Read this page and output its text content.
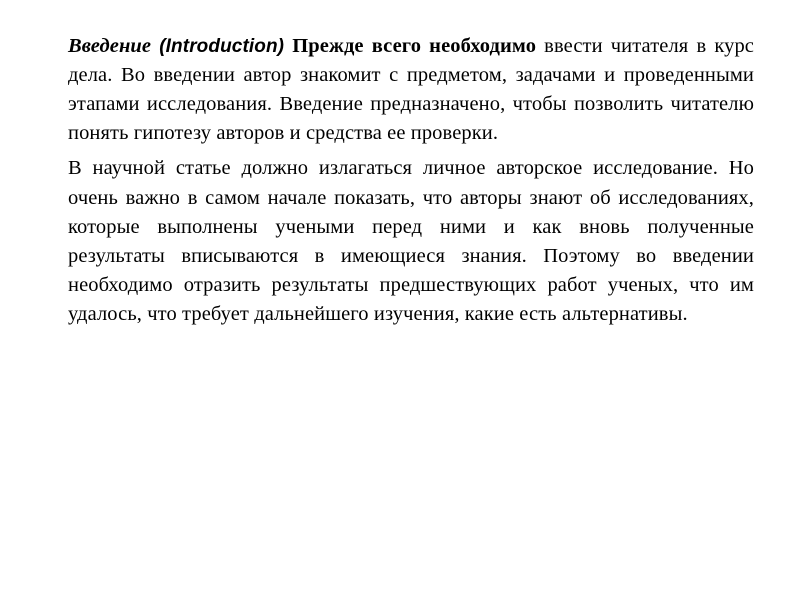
Введение (Introduction) Прежде всего необходимо ввести читателя в курс дела. Во введении автор знакомит с предметом, задачами и проведенными этапами исследования. Введение предназначено, чтобы позволить читателю понять гипотезу авторов и средства ее проверки.

В научной статье должно излагаться личное авторское исследование. Но очень важно в самом начале показать, что авторы знают об исследованиях, которые выполнены учеными перед ними и как вновь полученные результаты вписываются в имеющиеся знания. Поэтому во введении необходимо отразить результаты предшествующих работ ученых, что им удалось, что требует дальнейшего изучения, какие есть альтернативы.
